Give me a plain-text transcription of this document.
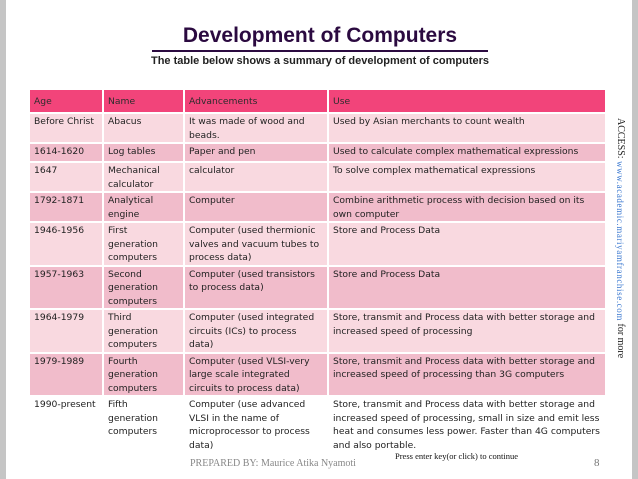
Development of Computers
The table below shows a summary of development of computers
ACCESS: www.academic.mariyamfranchise.com for more
Age	Name	Advancements	Use
Before Christ	Abacus	It was made of wood and beads.	Used by Asian merchants to count wealth
1614-1620	Log tables	Paper and pen	Used to calculate complex mathematical expressions
1647	Mechanical calculator	calculator	To solve complex mathematical expressions
1792-1871	Analytical engine	Computer	Combine arithmetic process with decision based on its own computer
1946-1956	First generation computers	Computer (used thermionic valves and vacuum tubes to process data)	Store and Process Data
1957-1963	Second generation computers	Computer (used transistors to process data)	Store and Process Data
1964-1979	Third generation computers	Computer (used integrated circuits (ICs) to process data)	Store, transmit and Process data with better storage and increased speed of processing
1979-1989	Fourth generation computers	Computer (used VLSI-very large scale integrated circuits to process data)	Store, transmit and Process data with better storage and increased speed of processing than 3G computers
1990-present	Fifth generation computers	Computer (use advanced VLSI in the name of microprocessor to process data)	Store, transmit and Process data with better storage and increased speed of processing, small in size and emit less heat and consumes less power. Faster than 4G computers and also portable.
PREPARED BY: Maurice Atika Nyamoti
Press enter key(or click) to continue
8
